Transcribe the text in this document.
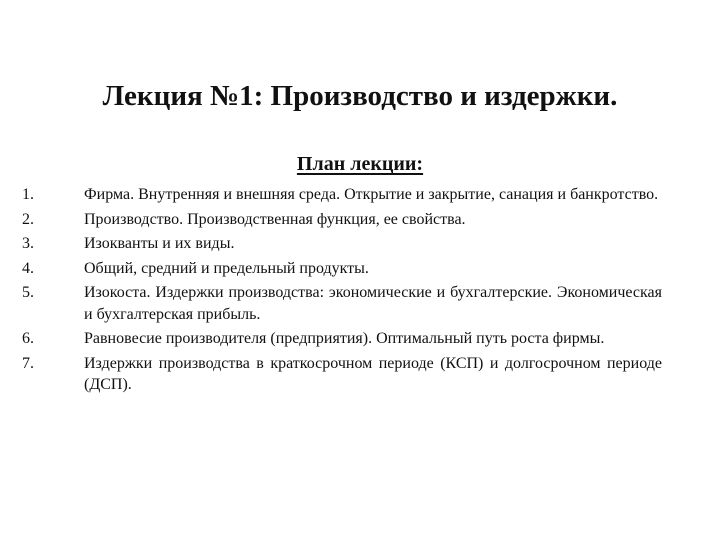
Лекция №1: Производство и издержки.
План лекции:
1.	Фирма. Внутренняя и внешняя среда. Открытие и закрытие, санация и банкротство.
2.	Производство. Производственная функция, ее свойства.
3.	Изокванты и их виды.
4.	Общий, средний и предельный продукты.
5.	Изокоста. Издержки производства: экономические и бухгалтерские. Экономическая и бухгалтерская прибыль.
6.	Равновесие производителя (предприятия). Оптимальный путь роста фирмы.
7.	Издержки производства в краткосрочном периоде (КСП) и долгосрочном периоде (ДСП).
